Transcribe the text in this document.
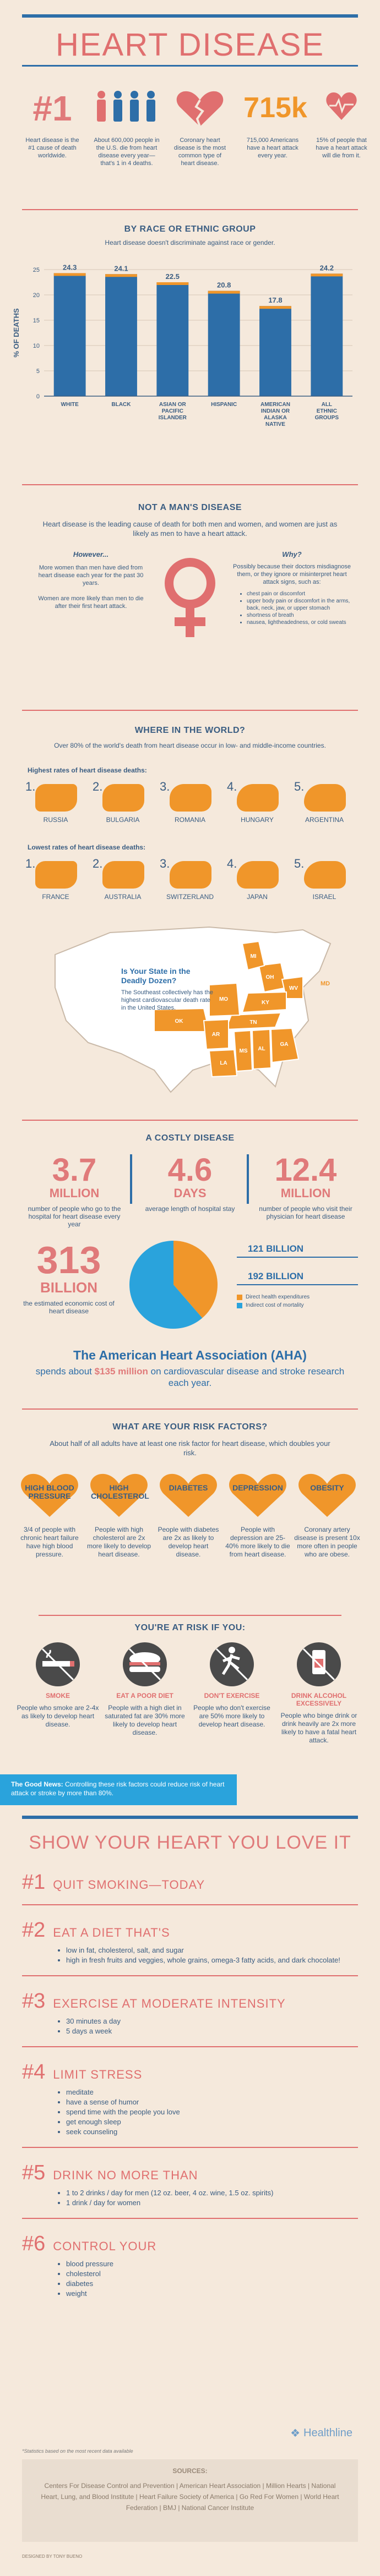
HEART DISEASE
#1	715k
Heart disease is the #1 cause of death worldwide.
About 600,000 people in the U.S. die from heart disease every year—that's 1 in 4 deaths.
Coronary heart disease is the most common type of heart disease.
715,000 Americans have a heart attack every year.
15% of people that have a heart attack will die from it.
BY RACE OR ETHNIC GROUP
Heart disease doesn't discriminate against race or gender.
% OF DEATHS
0
5
10
15
20
25	24.3
WHITE
24.1
BLACK
22.5
ASIAN OR PACIFIC ISLANDER
20.8
HISPANIC
17.8
AMERICAN INDIAN OR ALASKA NATIVE
24.2
ALL ETHNIC GROUPS
NOT A MAN'S DISEASE
Heart disease is the leading cause of death for both men and women, and women are just as likely as men to have a heart attack.
However...
More women than men have died from heart disease each year for the past 30 years.
Women are more likely than men to die after their first heart attack.
Why?
Possibly because their doctors misdiagnose them, or they ignore or misinterpret heart attack signs, such as:
• chest pain or discomfort
• upper body pain or discomfort in the arms, back, neck, jaw, or upper stomach
• shortness of breath
• nausea, lightheadedness, or cold sweats
WHERE IN THE WORLD?
Over 80% of the world's death from heart disease occur in low- and middle-income countries.
Highest rates of heart disease deaths:
1.
RUSSIA
2.
BULGARIA
3.
ROMANIA
4.
HUNGARY
5.
ARGENTINA
Lowest rates of heart disease deaths:
1.
FRANCE
2.
AUSTRALIA
3.
SWITZERLAND
4.
JAPAN
5.
ISRAEL
OH
WV
KY
TN
OK
AR
LA
MS AL
GA
MI
MO
MD
Is Your State in the Deadly Dozen?
The Southeast collectively has the highest cardiovascular death rate in the United States.
A COSTLY DISEASE
3.7
MILLION
number of people who go to the hospital for heart disease every year
4.6
DAYS
average length of hospital stay
12.4
MILLION
number of people who visit their physician for heart disease
313
BILLION
the estimated economic cost of heart disease
121 BILLION
192 BILLION
Direct health expenditures
Indirect cost of mortality
The American Heart Association (AHA)
spends about $135 million on cardiovascular disease and stroke research each year.
WHAT ARE YOUR RISK FACTORS?
About half of all adults have at least one risk factor for heart disease, which doubles your risk.
HIGH BLOOD PRESSURE
3/4 of people with chronic heart failure have high blood pressure.
HIGH CHOLESTEROL
People with high cholesterol are 2x more likely to develop heart disease.
DIABETES
People with diabetes are 2x as likely to develop heart disease.
DEPRESSION
People with depression are 25-40% more likely to die from heart disease.
OBESITY
Coronary artery disease is present 10x more often in people who are obese.
YOU'RE AT RISK IF YOU:
SMOKE
People who smoke are 2-4x as likely to develop heart disease.
EAT A POOR DIET
People with a high diet in saturated fat are 30% more likely to develop heart disease.
DON'T EXERCISE
People who don't exercise are 50% more likely to develop heart disease.
DRINK ALCOHOL EXCESSIVELY
People who binge drink or drink heavily are 2x more likely to have a fatal heart attack.
The Good News: Controlling these risk factors could reduce risk of heart attack or stroke by more than 80%.
SHOW YOUR HEART YOU LOVE IT
#1 QUIT SMOKING—TODAY
#2 EAT A DIET THAT'S
• low in fat, cholesterol, salt, and sugar
• high in fresh fruits and veggies, whole grains, omega-3 fatty acids, and dark chocolate!
#3 EXERCISE AT MODERATE INTENSITY
• 30 minutes a day
• 5 days a week
#4 LIMIT STRESS
• meditate
• have a sense of humor
• spend time with the people you love
• get enough sleep
• seek counseling
#5 DRINK NO MORE THAN
• 1 to 2 drinks / day for men (12 oz. beer, 4 oz. wine, 1.5 oz. spirits)
• 1 drink / day for women
#6 CONTROL YOUR
• blood pressure
• cholesterol
• diabetes
• weight
❖ Healthline
*Statistics based on the most recent data available
SOURCES:
Centers For Disease Control and Prevention | American Heart Association | Million Hearts | National Heart, Lung, and Blood Institute | Heart Failure Society of America | Go Red For Women | World Heart Federation | BMJ | National Cancer Institute
DESIGNED BY TONY BUENO
